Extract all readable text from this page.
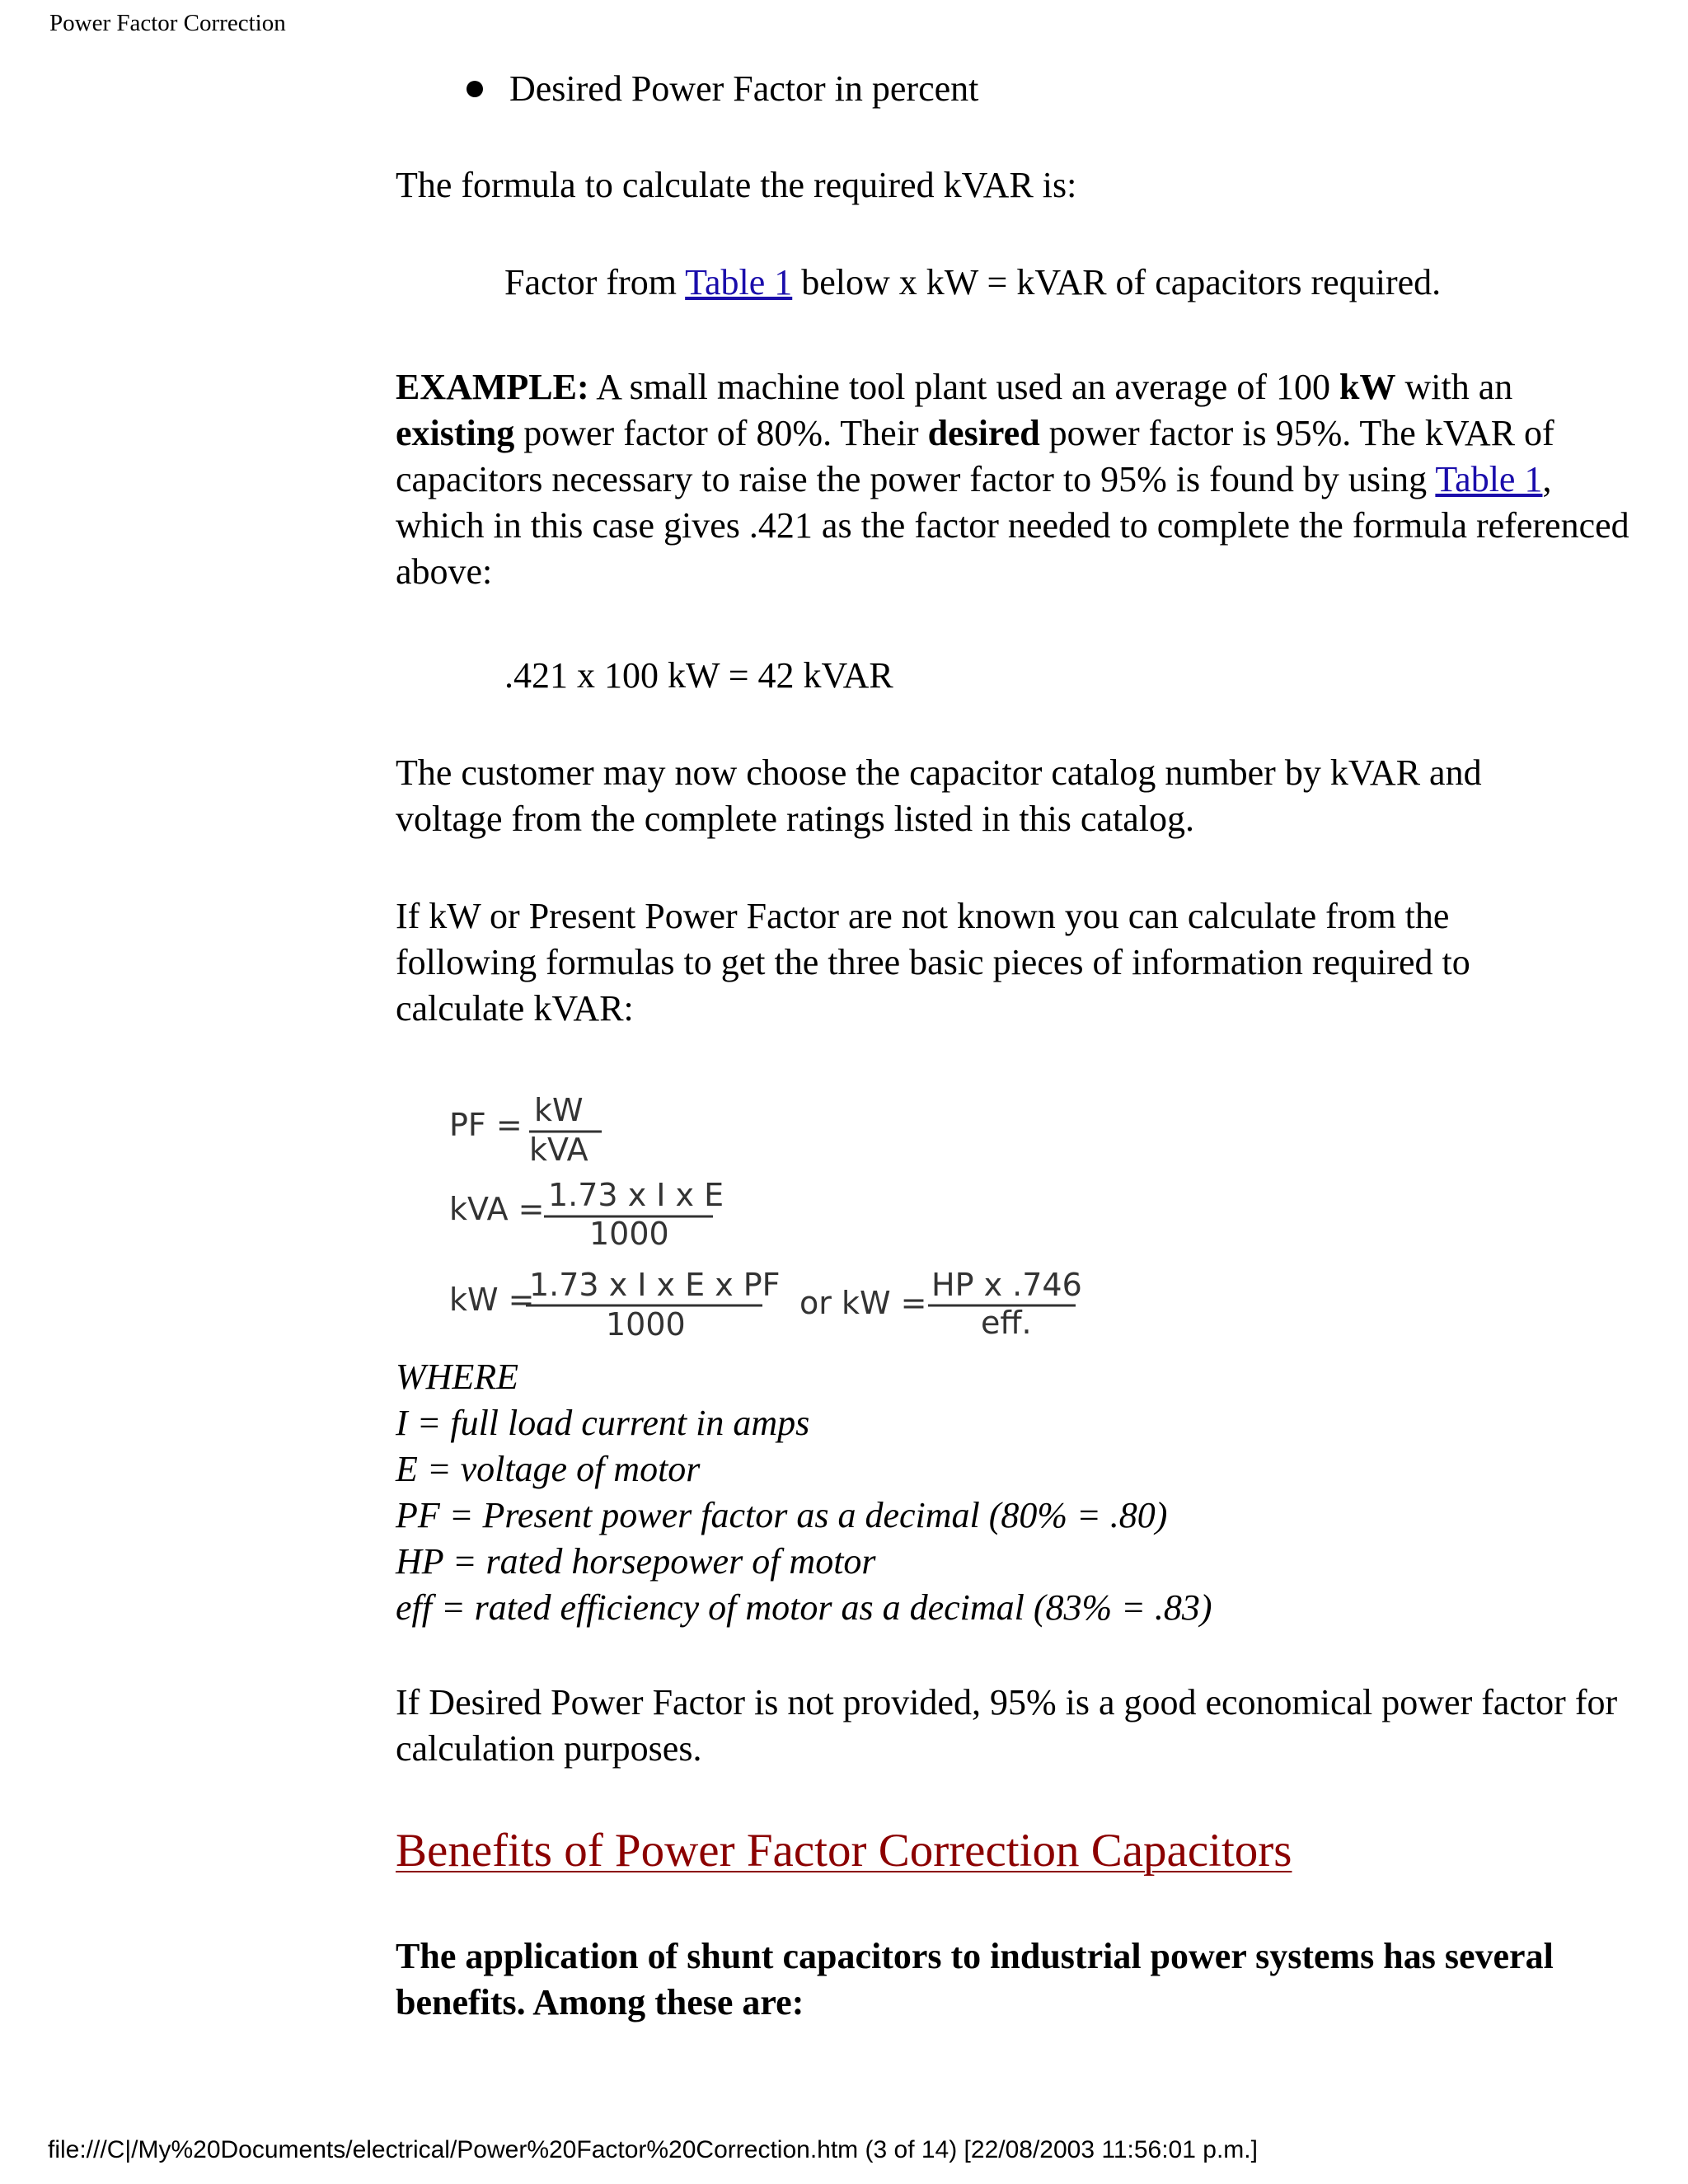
Power Factor Correction
Desired Power Factor in percent
The formula to calculate the required kVAR is:
Factor from Table 1 below x kW = kVAR of capacitors required.
EXAMPLE: A small machine tool plant used an average of 100 kW with an existing power factor of 80%. Their desired power factor is 95%. The kVAR of capacitors necessary to raise the power factor to 95% is found by using Table 1, which in this case gives .421 as the factor needed to complete the formula referenced above:
.421 x 100 kW = 42 kVAR
The customer may now choose the capacitor catalog number by kVAR and voltage from the complete ratings listed in this catalog.
If kW or Present Power Factor are not known you can calculate from the following formulas to get the three basic pieces of information required to calculate kVAR:
PF = kW
kVA
kVA = 1.73 x I x E
1000
kW =
1.73 x I x E x PF
1000
or kW = HP x .746
eff.
WHERE
I = full load current in amps
E = voltage of motor
PF = Present power factor as a decimal (80% = .80)
HP = rated horsepower of motor
eff = rated efficiency of motor as a decimal (83% = .83)
If Desired Power Factor is not provided, 95% is a good economical power factor for calculation purposes.
Benefits of Power Factor Correction Capacitors
The application of shunt capacitors to industrial power systems has several benefits. Among these are:
file:///C|/My%20Documents/electrical/Power%20Factor%20Correction.htm (3 of 14) [22/08/2003 11:56:01 p.m.]
